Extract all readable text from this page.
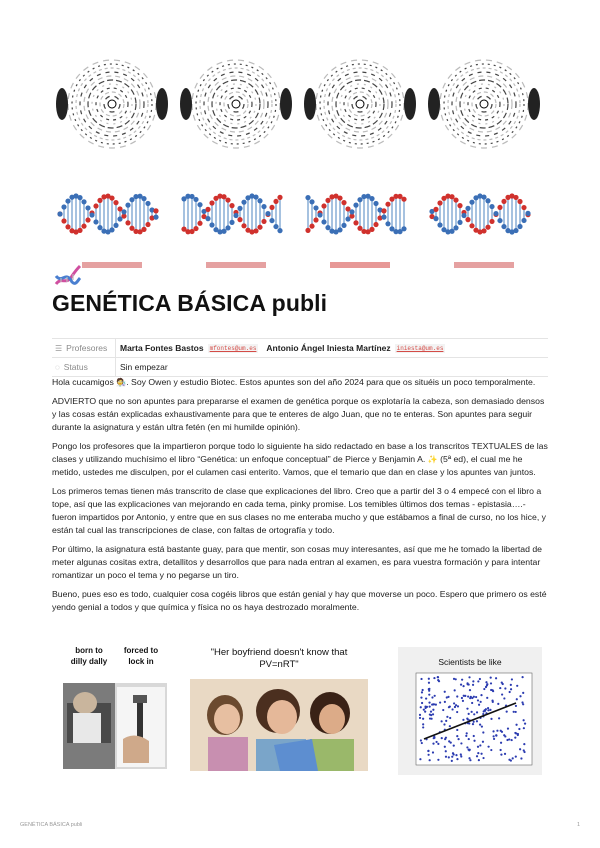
GENÉTICA BÁSICA publi
☰ Profesores Marta Fontes Bastos	mfontes@um.es Antonio Ángel Iniesta Martínez	iniesta@um.es
◌ Status	Sin empezar

Hola cucamigos 🧑‍🔬. Soy Owen y estudio Biotec. Estos apuntes son del año 2024 para que os situéis un poco temporalmente.

ADVIERTO que no son apuntes para prepararse el examen de genética porque os explotaría la cabeza, son demasiado densos y las cosas están explicadas exhaustivamente para que te enteres de algo Juan, que no te enteras. Son apuntes para seguir durante la asignatura y están ultra fetén (en mi humilde opinión).

Pongo los profesores que la impartieron porque todo lo siguiente ha sido redactado en base a los transcritos TEXTUALES de las clases y utilizando muchísimo el libro “Genética: un enfoque conceptual” de Pierce y Benjamin A. ✨ (5ª ed), el cual me he metido, ustedes me disculpen, por el culamen casi enterito. Vamos, que el temario que dan en clase y los apuntes van juntos.

Los primeros temas tienen más transcrito de clase que explicaciones del libro. Creo que a partir del 3 o 4 empecé con el libro a tope, así que las explicaciones van mejorando en cada tema, pinky promise. Los temibles últimos dos temas - epistasia….- fueron impartidos por Antonio, y entre que en sus clases no me enteraba mucho y que estábamos a final de curso, no los hice, y están tal cual las transcripciones de clase, con faltas de ortografía y todo.

Por último, la asignatura está bastante guay, para que mentir, son cosas muy interesantes, así que me he tomado la libertad de meter algunas cositas extra, detallitos y desarrollos que para nada entran al examen, es para vuestra formación y para intentar romantizar un poco el tema y no pegarse un tiro.

Bueno, pues eso es todo, cualquier cosa cogéis libros que están genial y hay que moverse un poco. Espero que primero os esté yendo genial a todos y que química y física no os haya destrozado moralmente.

born to
dilly dally
forced to
lock in
"Her boyfriend doesn't know that
PV=nRT"	Scientists be like
GENÉTICA BÁSICA publi	1
